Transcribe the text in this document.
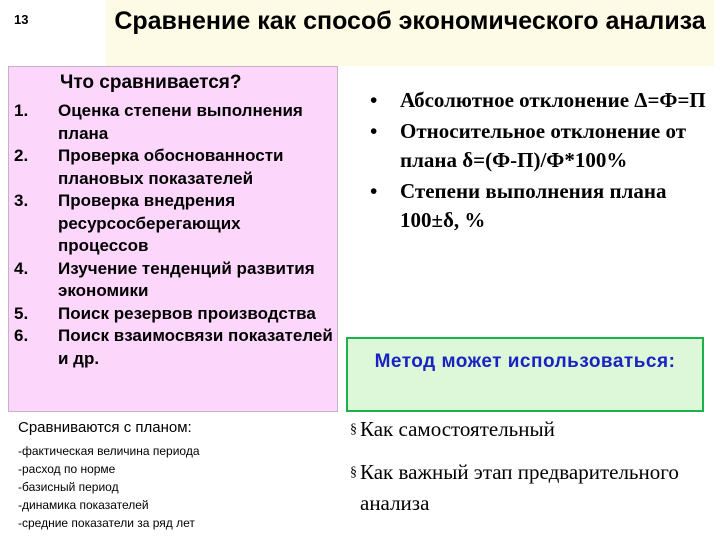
13	Сравнение как способ экономического анализа
Что сравнивается?
1. Оценка степени выполнения плана
2. Проверка обоснованности плановых показателей
3. Проверка внедрения ресурсосберегающих процессов
4. Изучение тенденций развития экономики
5. Поиск резервов производства
6. Поиск взаимосвязи показателей и др.
Сравниваются с планом:
-фактическая величина периода
-расход по норме
-базисный период
-динамика показателей
-средние показатели за ряд лет
• Абсолютное отклонение Δ=Ф=П
• Относительное отклонение от плана δ=(Ф-П)/Ф*100%
• Степени выполнения плана 100±δ, %
Метод может использоваться:
§ Как самостоятельный
§ Как важный этап предварительного анализа
